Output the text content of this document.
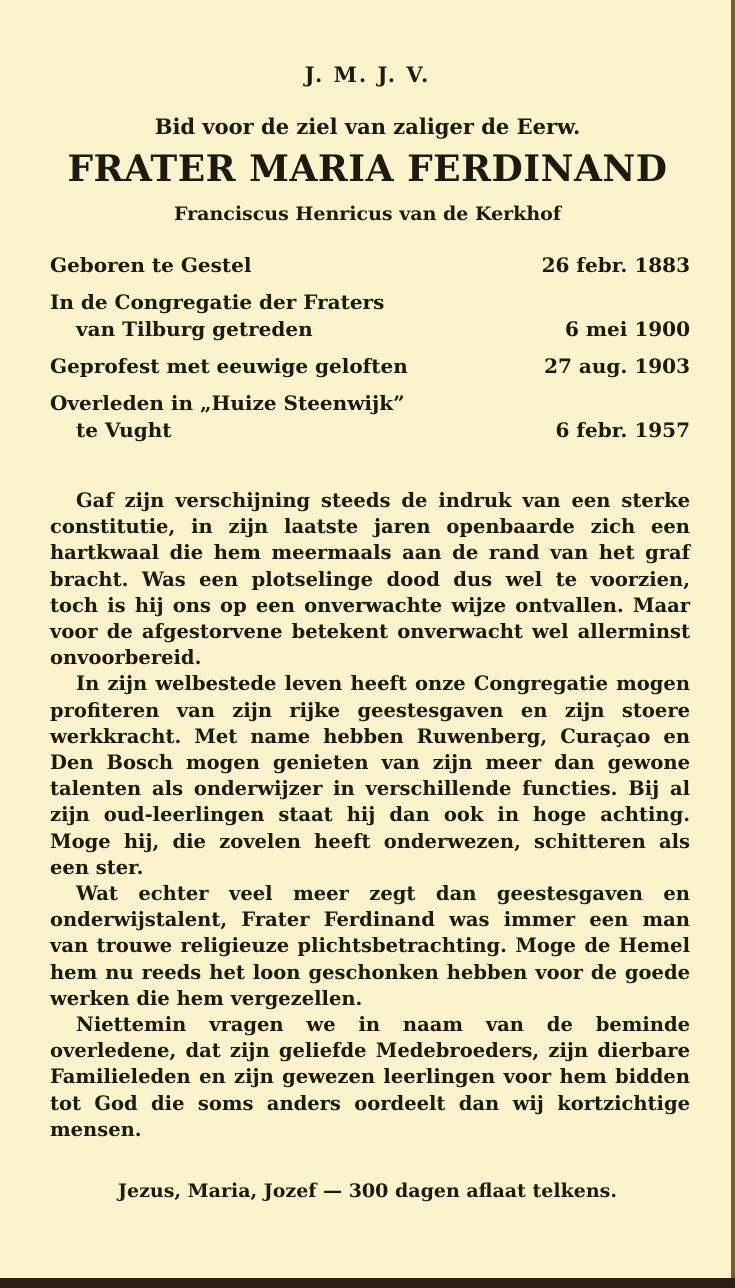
J. M. J. V.
Bid voor de ziel van zaliger de Eerw.
FRATER MARIA FERDINAND
Franciscus Henricus van de Kerkhof
Geboren te Gestel	26 febr. 1883
In de Congregatie der Fraters
van Tilburg getreden	6 mei 1900
Geprofest met eeuwige geloften	27 aug. 1903
Overleden in „Huize Steenwijk”
te Vught	6 febr. 1957

Gaf zijn verschijning steeds de indruk van een sterke constitutie, in zijn laatste jaren openbaarde zich een hartkwaal die hem meermaals aan de rand van het graf bracht. Was een plotselinge dood dus wel te voorzien, toch is hij ons op een onverwachte wijze ontvallen. Maar voor de afgestorvene betekent onverwacht wel allerminst onvoorbereid.

In zijn welbestede leven heeft onze Congregatie mogen profiteren van zijn rijke geestesgaven en zijn stoere werkkracht. Met name hebben Ruwenberg, Curaçao en Den Bosch mogen genieten van zijn meer dan gewone talenten als onderwijzer in verschillende functies. Bij al zijn oud-leerlingen staat hij dan ook in hoge achting. Moge hij, die zovelen heeft onderwezen, schitteren als een ster.

Wat echter veel meer zegt dan geestesgaven en onderwijstalent, Frater Ferdinand was immer een man van trouwe religieuze plichtsbetrachting. Moge de Hemel hem nu reeds het loon geschonken hebben voor de goede werken die hem vergezellen.

Niettemin vragen we in naam van de beminde overledene, dat zijn geliefde Medebroeders, zijn dierbare Familieleden en zijn gewezen leerlingen voor hem bidden tot God die soms anders oordeelt dan wij kortzichtige mensen.

Jezus, Maria, Jozef — 300 dagen aflaat telkens.
